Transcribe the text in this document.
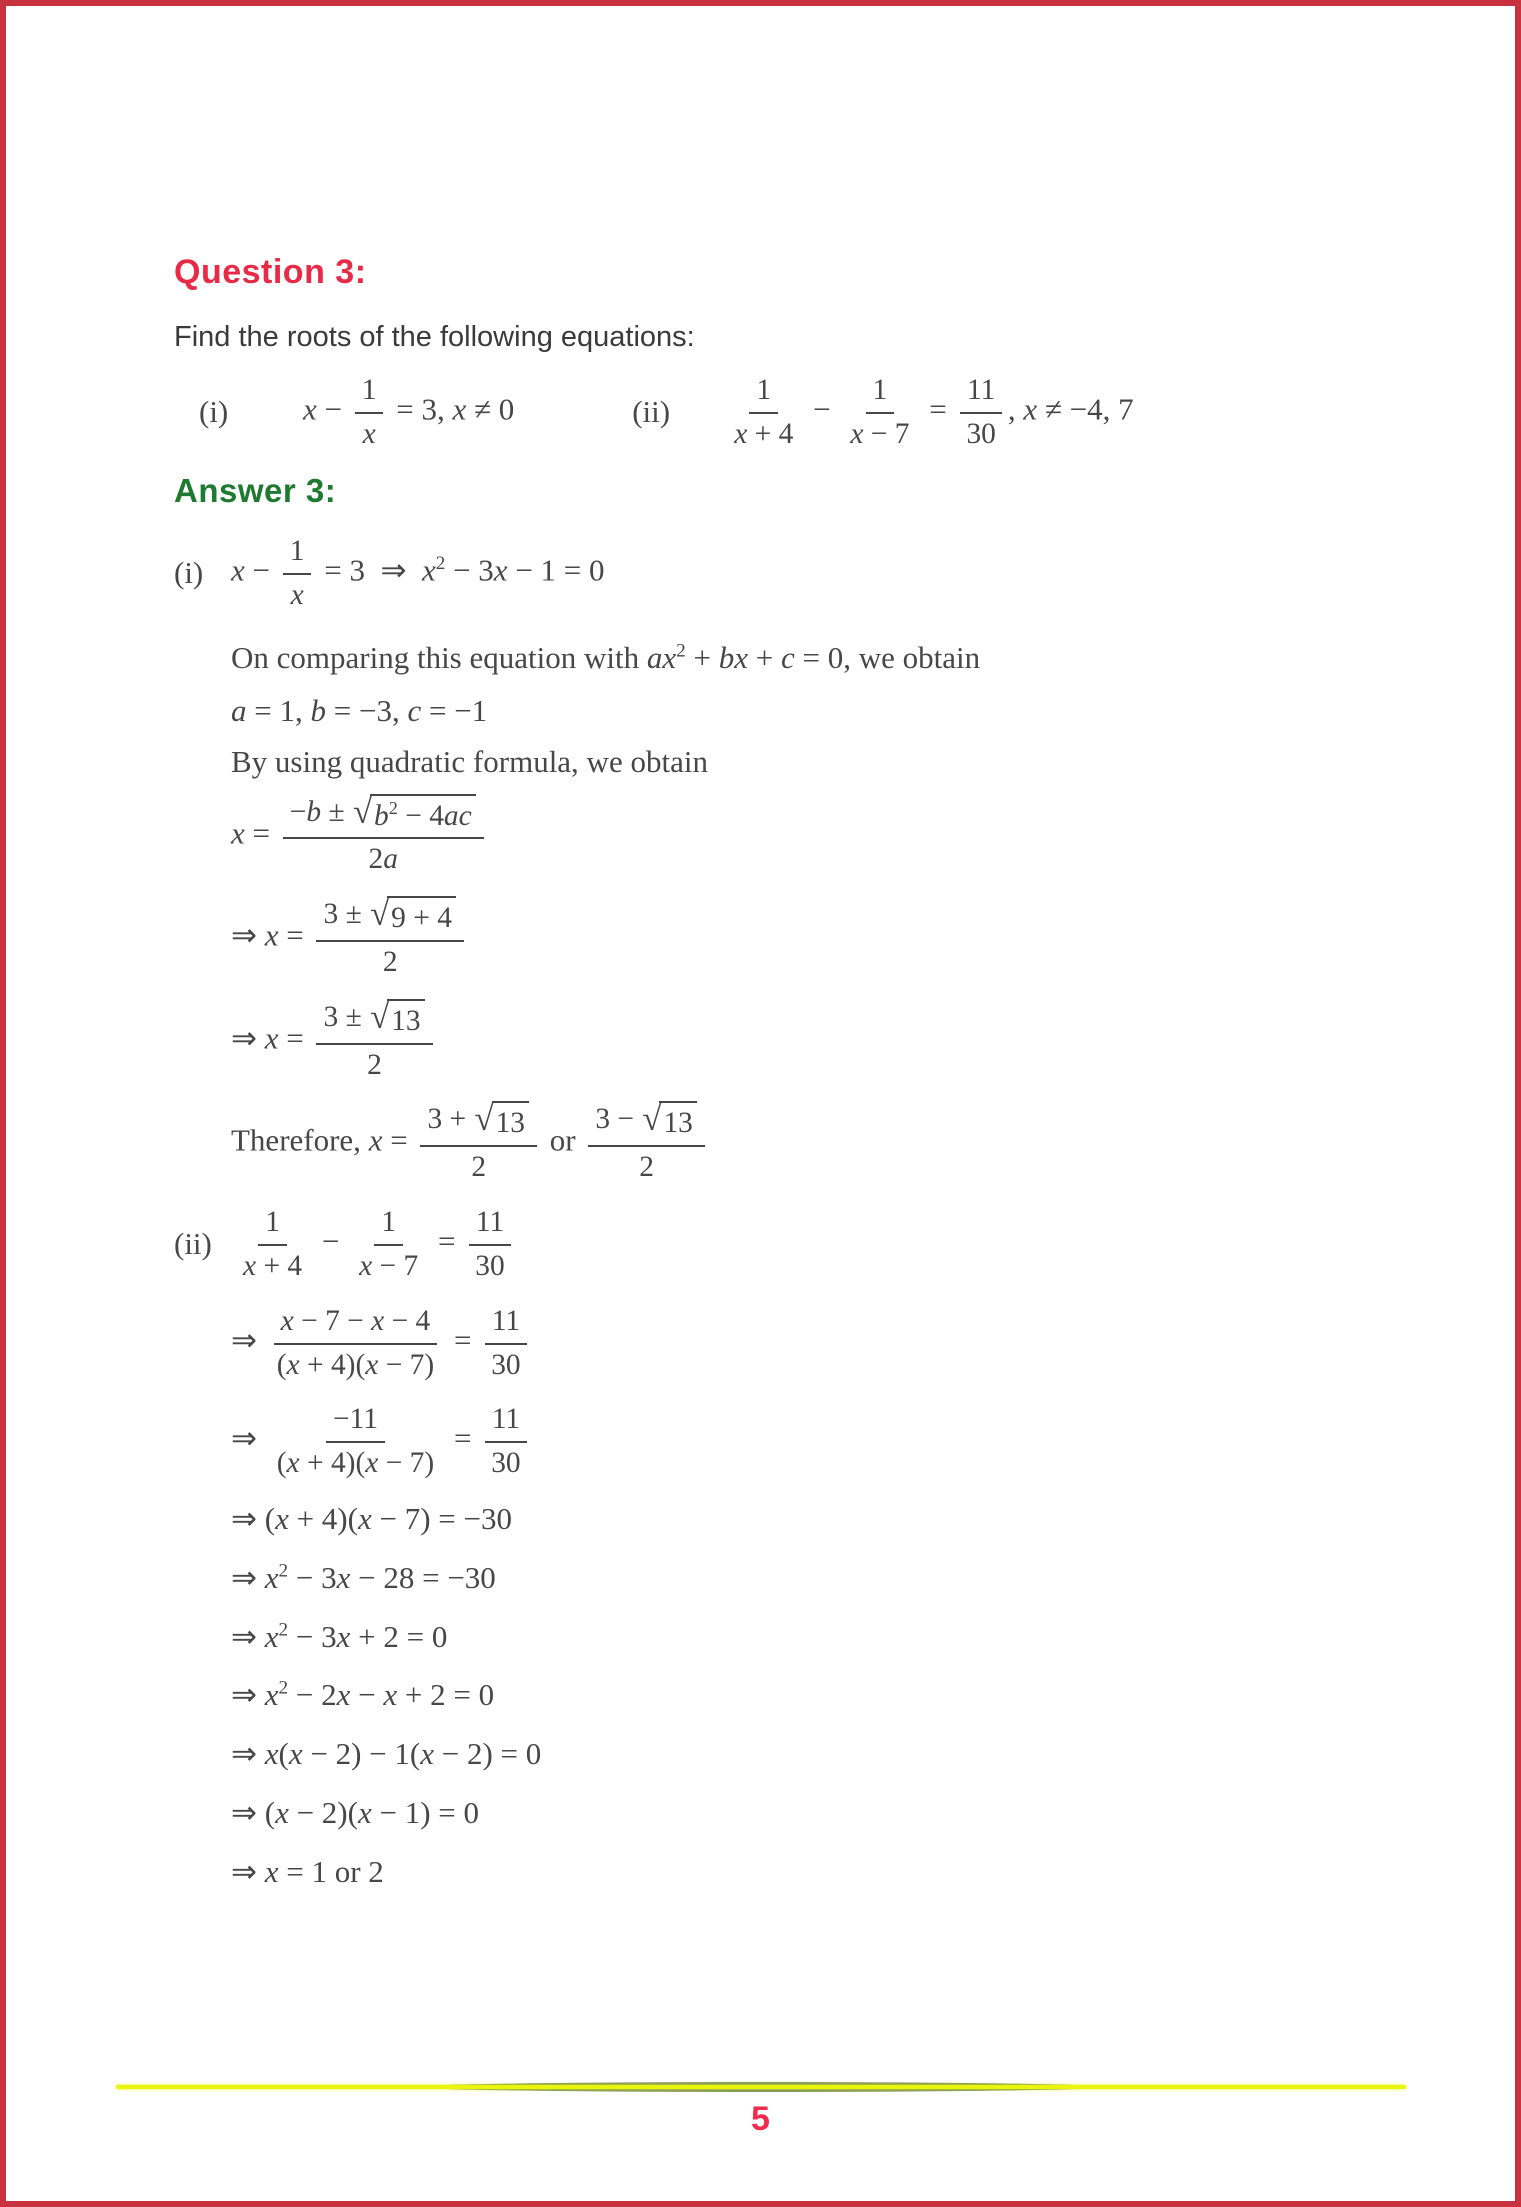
Question 3:

Find the roots of the following equations:

(i)	$x - \frac{1}{x} = 3$, x ≠ 0	(ii)	$\frac{1}{x + 4} - \frac{1}{x - 7} = \frac{11}{30}$ , x ≠ −4, 7
Answer 3:
(i) $x - \frac{1}{x} = 3$  ⇒  $x^2 - 3x - 1 = 0$
On comparing this equation with $ax^2$ + bx + c = 0, we obtain
a = 1, b = −3, c = −1
By using quadratic formula, we obtain
$x = \frac{-b \pm √ b^2 - 4ac}{2a}$
⇒ $x = \frac{3 \pm √ 9 + 4}{2}$
⇒ $x = \frac{3 \pm √ 13}{2}$
Therefore, $x = \frac{3 + √ 13}{2}$ or $\frac{3 - √ 13}{2}$
$(ii) \frac{1}{x + 4} - \frac{1}{x - 7} = \frac{11}{30}$
⇒ $\frac{x - 7 - x - 4}{(x + 4)(x - 7)} = \frac{11}{30}$
⇒ $\frac{-11}{(x + 4)(x - 7)} = \frac{11}{30}$
⇒ (x + 4)(x − 7) = −30
⇒ $x^2 - 3x - 28 = -30$
⇒ $x^2 - 3x + 2 = 0$
⇒ $x^2 - 2x - x + 2 = 0$
⇒ x(x − 2) − 1(x − 2) = 0
⇒ (x − 2)(x − 1) = 0
⇒ x = 1 or 2
5
